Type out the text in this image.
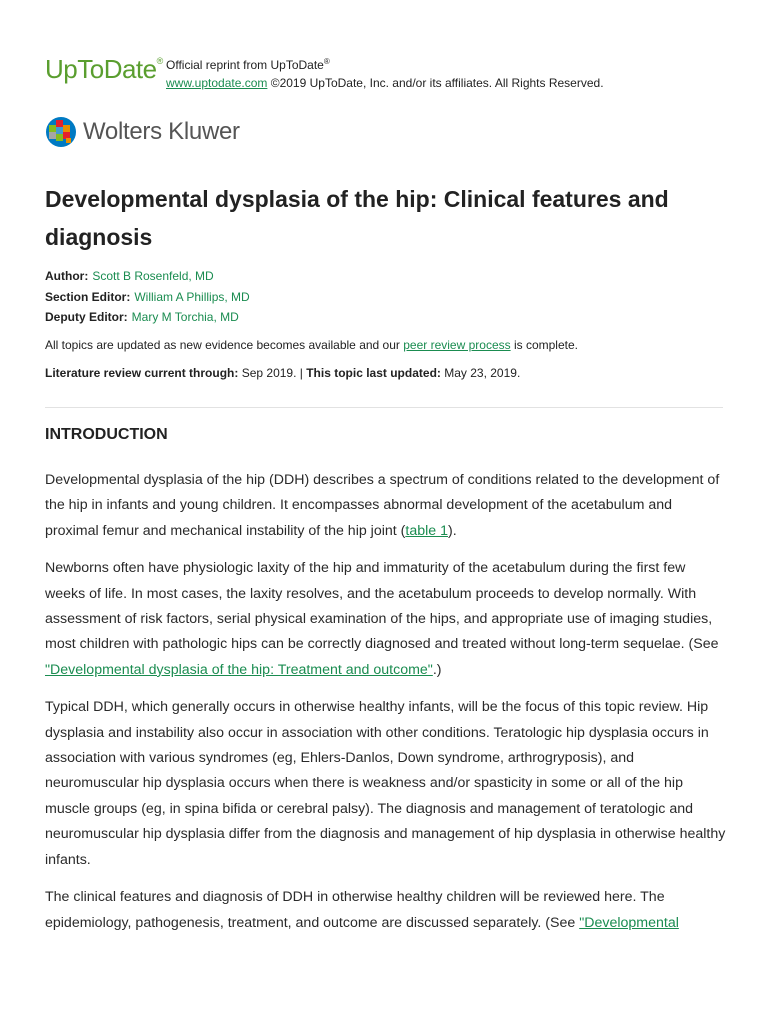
UpToDate® Official reprint from UpToDate®
www.uptodate.com ©2019 UpToDate, Inc. and/or its affiliates. All Rights Reserved.
Wolters Kluwer
Developmental dysplasia of the hip: Clinical features and diagnosis
Author: Scott B Rosenfeld, MD
Section Editor: William A Phillips, MD
Deputy Editor: Mary M Torchia, MD
All topics are updated as new evidence becomes available and our peer review process is complete.
Literature review current through: Sep 2019. | This topic last updated: May 23, 2019.
INTRODUCTION

Developmental dysplasia of the hip (DDH) describes a spectrum of conditions related to the development of the hip in infants and young children. It encompasses abnormal development of the acetabulum and proximal femur and mechanical instability of the hip joint (table 1).

Newborns often have physiologic laxity of the hip and immaturity of the acetabulum during the first few weeks of life. In most cases, the laxity resolves, and the acetabulum proceeds to develop normally. With assessment of risk factors, serial physical examination of the hips, and appropriate use of imaging studies, most children with pathologic hips can be correctly diagnosed and treated without long-term sequelae. (See "Developmental dysplasia of the hip: Treatment and outcome".)

Typical DDH, which generally occurs in otherwise healthy infants, will be the focus of this topic review. Hip dysplasia and instability also occur in association with other conditions. Teratologic hip dysplasia occurs in association with various syndromes (eg, Ehlers-Danlos, Down syndrome, arthrogryposis), and neuromuscular hip dysplasia occurs when there is weakness and/or spasticity in some or all of the hip muscle groups (eg, in spina bifida or cerebral palsy). The diagnosis and management of teratologic and neuromuscular hip dysplasia differ from the diagnosis and management of hip dysplasia in otherwise healthy infants.

The clinical features and diagnosis of DDH in otherwise healthy children will be reviewed here. The epidemiology, pathogenesis, treatment, and outcome are discussed separately. (See "Developmental
